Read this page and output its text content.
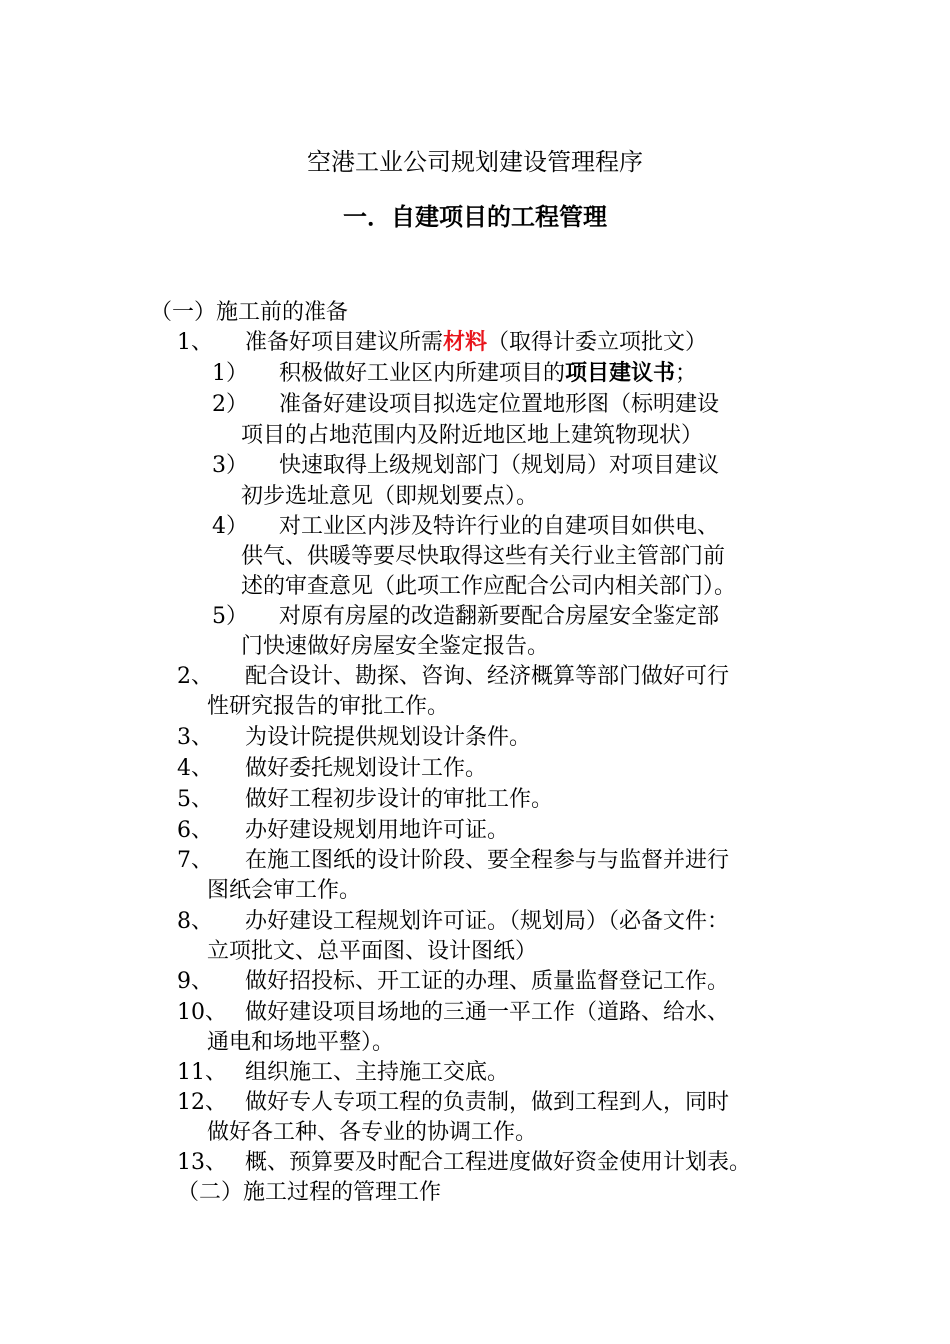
空港工业公司规划建设管理程序
一．自建项目的工程管理
（一）施工前的准备
1、 准备好项目建议所需材料（取得计委立项批文）
1） 积极做好工业区内所建项目的项目建议书；
2） 准备好建设项目拟选定位置地形图（标明建设
项目的占地范围内及附近地区地上建筑物现状）
3） 快速取得上级规划部门（规划局）对项目建议
初步选址意见（即规划要点）。
4） 对工业区内涉及特许行业的自建项目如供电、
供气、供暖等要尽快取得这些有关行业主管部门前
述的审查意见（此项工作应配合公司内相关部门）。
5） 对原有房屋的改造翻新要配合房屋安全鉴定部
门快速做好房屋安全鉴定报告。
2、 配合设计、勘探、咨询、经济概算等部门做好可行
性研究报告的审批工作。
3、 为设计院提供规划设计条件。
4、 做好委托规划设计工作。
5、 做好工程初步设计的审批工作。
6、 办好建设规划用地许可证。
7、 在施工图纸的设计阶段、要全程参与与监督并进行
图纸会审工作。
8、 办好建设工程规划许可证。（规划局）（必备文件：
立项批文、总平面图、设计图纸）
9、 做好招投标、开工证的办理、质量监督登记工作。
10、 做好建设项目场地的三通一平工作（道路、给水、
通电和场地平整）。
11、 组织施工、主持施工交底。
12、 做好专人专项工程的负责制，做到工程到人，同时
做好各工种、各专业的协调工作。
13、 概、预算要及时配合工程进度做好资金使用计划表。
（二）施工过程的管理工作
